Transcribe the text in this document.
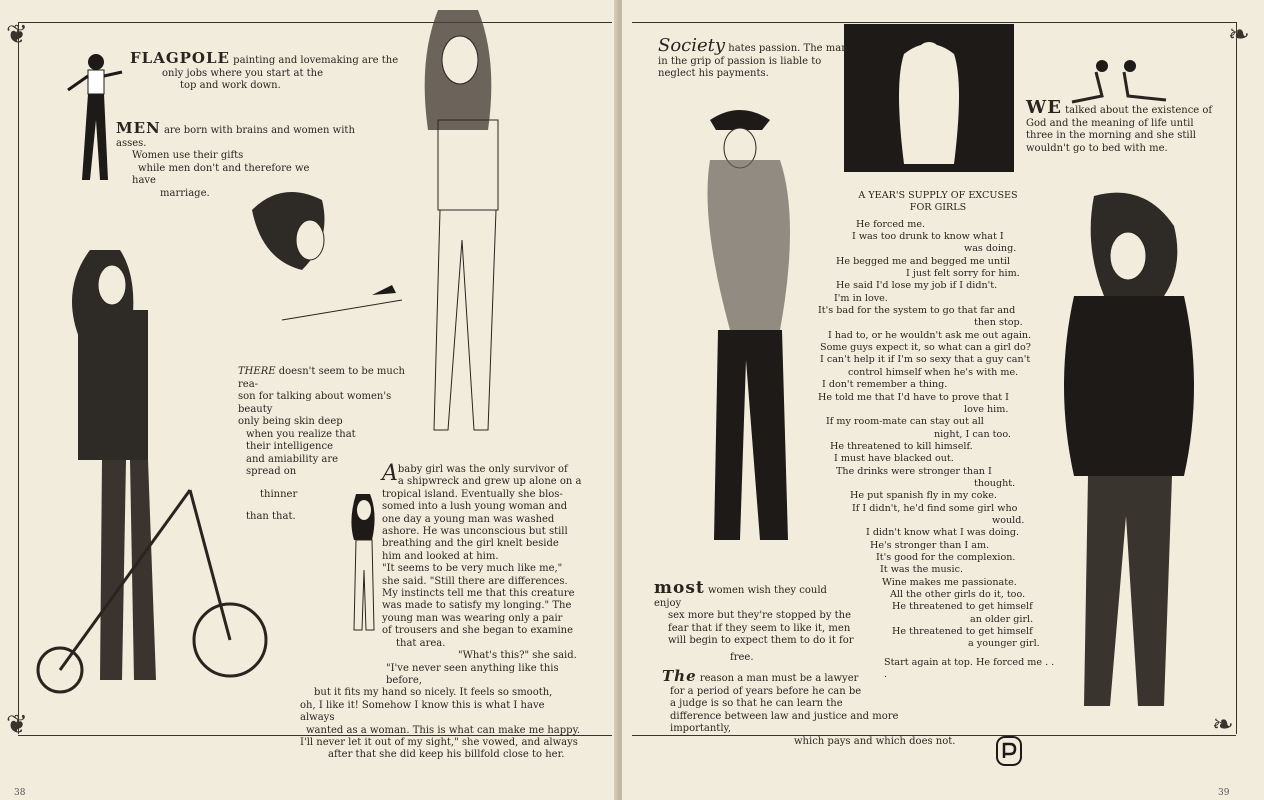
❦
❦

FLAGPOLE painting and lovemaking are the

only jobs where you start at the

top and work down.

MEN are born with brains and women with asses.

Women use their gifts

while men don't and therefore we

have

marriage.

THERE doesn't seem to be much rea-

son for talking about women's beauty

only being skin deep

when you realize that

their intelligence

and amiability are

spread on

thinner

than that.

A baby girl was the only survivor of

a shipwreck and grew up alone on a

tropical island. Eventually she blos-

somed into a lush young woman and

one day a young man was washed

ashore. He was unconscious but still

breathing and the girl knelt beside

him and looked at him.

"It seems to be very much like me,"

she said. "Still there are differences.

My instincts tell me that this creature

was made to satisfy my longing." The

young man was wearing only a pair

of trousers and she began to examine

that area.

"What's this?" she said.

"I've never seen anything like this before,

but it fits my hand so nicely. It feels so smooth,

oh, I like it! Somehow I know this is what I have always

wanted as a woman. This is what can make me happy.

I'll never let it out of my sight," she vowed, and always

after that she did keep his billfold close to her.

38
❧
❧

Society hates passion. The man

in the grip of passion is liable to

neglect his payments.

WE talked about the existence of

God and the meaning of life until

three in the morning and she still

wouldn't go to bed with me.

A YEAR'S SUPPLY OF EXCUSES

FOR GIRLS

He forced me.

I was too drunk to know what I

was doing.

He begged me and begged me until

I just felt sorry for him.

He said I'd lose my job if I didn't.

I'm in love.

It's bad for the system to go that far and

then stop.

I had to, or he wouldn't ask me out again.

Some guys expect it, so what can a girl do?

I can't help it if I'm so sexy that a guy can't

control himself when he's with me.

I don't remember a thing.

He told me that I'd have to prove that I

love him.

If my room-mate can stay out all

night, I can too.

He threatened to kill himself.

I must have blacked out.

The drinks were stronger than I

thought.

He put spanish fly in my coke.

If I didn't, he'd find some girl who

would.

I didn't know what I was doing.

He's stronger than I am.

It's good for the complexion.

It was the music.

Wine makes me passionate.

All the other girls do it, too.

He threatened to get himself

an older girl.

He threatened to get himself

a younger girl.

Start again at top. He forced me . . .

most women wish they could enjoy

sex more but they're stopped by the

fear that if they seem to like it, men

will begin to expect them to do it for

free.

The reason a man must be a lawyer

for a period of years before he can be

a judge is so that he can learn the

difference between law and justice and more importantly,

which pays and which does not.

39
